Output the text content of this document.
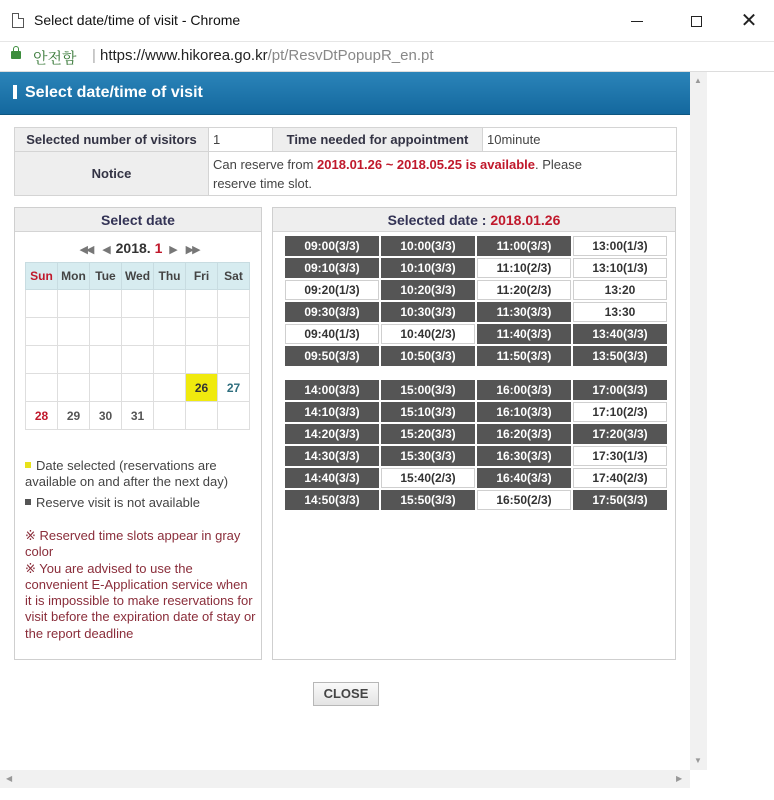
Select date/time of visit - Chrome	✕
안전함 | https://www.hikorea.go.kr/pt/ResvDtPopupR_en.pt
Select date/time of visit
Selected number of visitors	1	Time needed for appointment	10minute
Notice	Can reserve from 2018.01.26 ~ 2018.05.25 is available. Please
reserve time slot.		
Select date
◀◀ ◀ 2018. 1 ▶ ▶▶
Sun	Mon	Tue	Wed	Thu	Fri	Sat

					26	27
28	29	30	31			
Date selected (reservations are
available on and after the next day)
Reserve visit is not available
※ Reserved time slots appear in gray color
※ You are advised to use the convenient E-Application service when it is impossible to make reservations for visit before the expiration date of stay or the report deadline
Selected date : 2018.01.26
09:00(3/3)	10:00(3/3)	11:00(3/3)	13:00(1/3)
09:10(3/3)	10:10(3/3)	11:10(2/3)	13:10(1/3)
09:20(1/3)	10:20(3/3)	11:20(2/3)	13:20
09:30(3/3)	10:30(3/3)	11:30(3/3)	13:30
09:40(1/3)	10:40(2/3)	11:40(3/3)	13:40(3/3)
09:50(3/3)	10:50(3/3)	11:50(3/3)	13:50(3/3)
14:00(3/3)	15:00(3/3)	16:00(3/3)	17:00(3/3)
14:10(3/3)	15:10(3/3)	16:10(3/3)	17:10(2/3)
14:20(3/3)	15:20(3/3)	16:20(3/3)	17:20(3/3)
14:30(3/3)	15:30(3/3)	16:30(3/3)	17:30(1/3)
14:40(3/3)	15:40(2/3)	16:40(3/3)	17:40(2/3)
14:50(3/3)	15:50(3/3)	16:50(2/3)	17:50(3/3)
CLOSE
▲
▼
◀	▶
